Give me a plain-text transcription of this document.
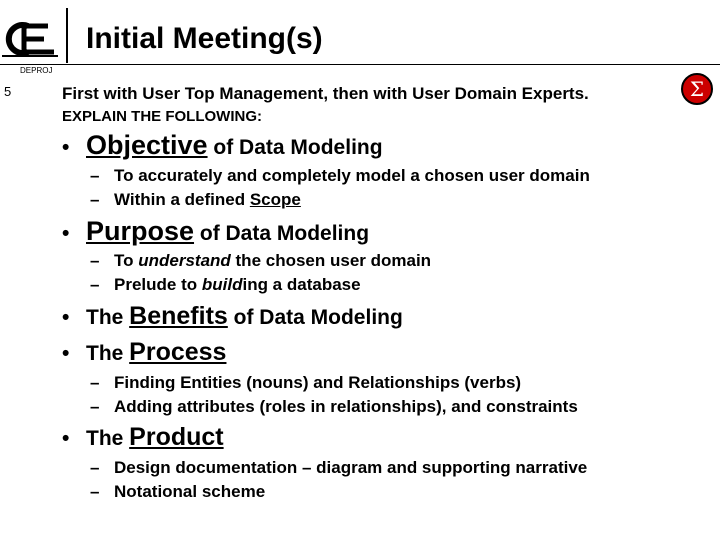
Initial Meeting(s)
DEPROJ
5	First with User Top Management, then with User Domain Experts.	Σ
EXPLAIN THE FOLLOWING:
• Objective of Data Modeling
– To accurately and completely model a chosen user domain
– Within a defined Scope
• Purpose of Data Modeling
– To understand the chosen user domain
– Prelude to building a database
• The Benefits of Data Modeling
• The Process
– Finding Entities (nouns) and Relationships (verbs)
– Adding attributes (roles in relationships), and constraints
• The Product
– Design documentation – diagram and supporting narrative
– Notational scheme
